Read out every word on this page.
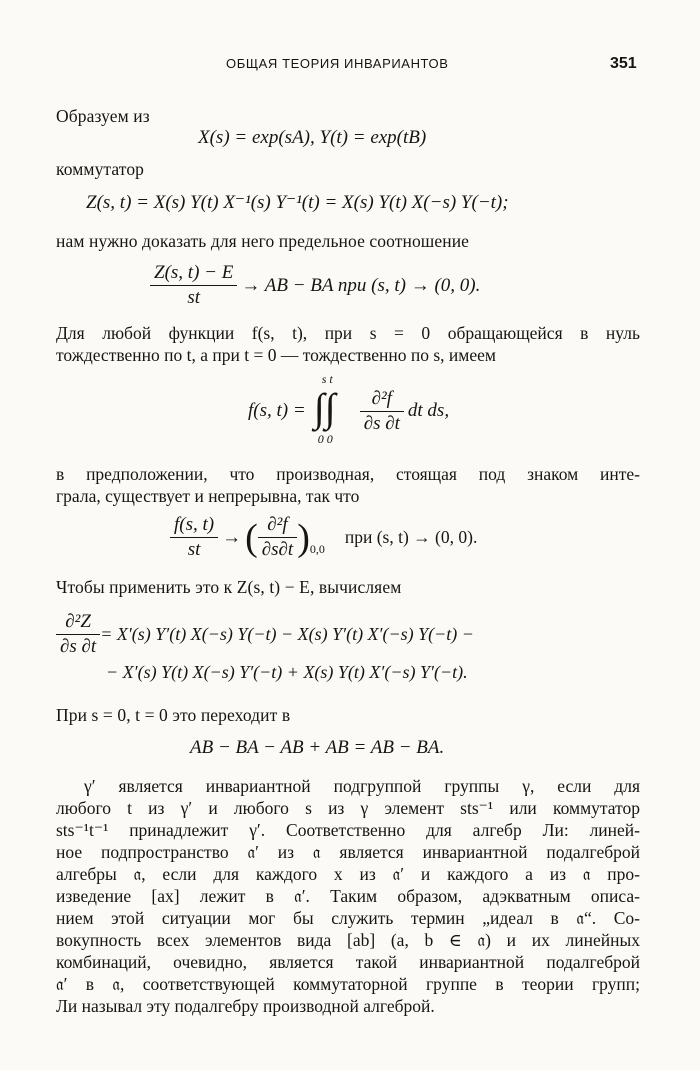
ОБЩАЯ ТЕОРИЯ ИНВАРИАНТОВ	351
Образуем из
X(s) = exp(sA), Y(t) = exp(tB)
коммутатор
Z(s, t) = X(s) Y(t) X⁻¹(s) Y⁻¹(t) = X(s) Y(t) X(−s) Y(−t);
нам нужно доказать для него предельное соотношение
$\frac{Z(s, t) - E}{st}$ → AB − BA при (s, t) → (0, 0).
Для любой функции f(s, t), при s = 0 обращающейся в нуль
тождественно по t, а при t = 0 — тождественно по s, имеем
f(s, t) =
s t
∫∫
0 0
$\frac{\text{∂²f}}{\partial s \partial t}$ dt ds,
в предположении, что производная, стоящая под знаком инте-
грала, существует и непрерывна, так что
$\frac{f(s, t)}{st}$ → ( $\frac{\text{∂²f}}{\partial s\partial t}$ ) 0,0
при (s, t) → (0, 0).
Чтобы применить это к Z(s, t) − E, вычисляем
$\frac{\text{∂²Z}}{\partial s \partial t} = X'(s)$ Y′(t) X(−s) Y(−t) − X(s) Y′(t) X′(−s) Y(−t) −
− X′(s) Y(t) X(−s) Y′(−t) + X(s) Y(t) X′(−s) Y′(−t).
При s = 0, t = 0 это переходит в
AB − BA − AB + AB = AB − BA.
γ′ является инвариантной подгруппой группы γ, если для
любого t из γ′ и любого s из γ элемент sts⁻¹ или коммутатор
sts⁻¹t⁻¹ принадлежит γ′. Соответственно для алгебр Ли: линей-
ное подпространство 𝔞′ из 𝔞 является инвариантной подалгеброй
алгебры 𝔞, если для каждого x из 𝔞′ и каждого a из 𝔞 про-
изведение [ax] лежит в 𝔞′. Таким образом, адэкватным описа-
нием этой ситуации мог бы служить термин „идеал в 𝔞“. Со-
вокупность всех элементов вида [ab] (a, b ∈ 𝔞) и их линейных
комбинаций, очевидно, является такой инвариантной подалгеброй
𝔞′ в 𝔞, соответствующей коммутаторной группе в теории групп;
Ли называл эту подалгебру производной алгеброй.
